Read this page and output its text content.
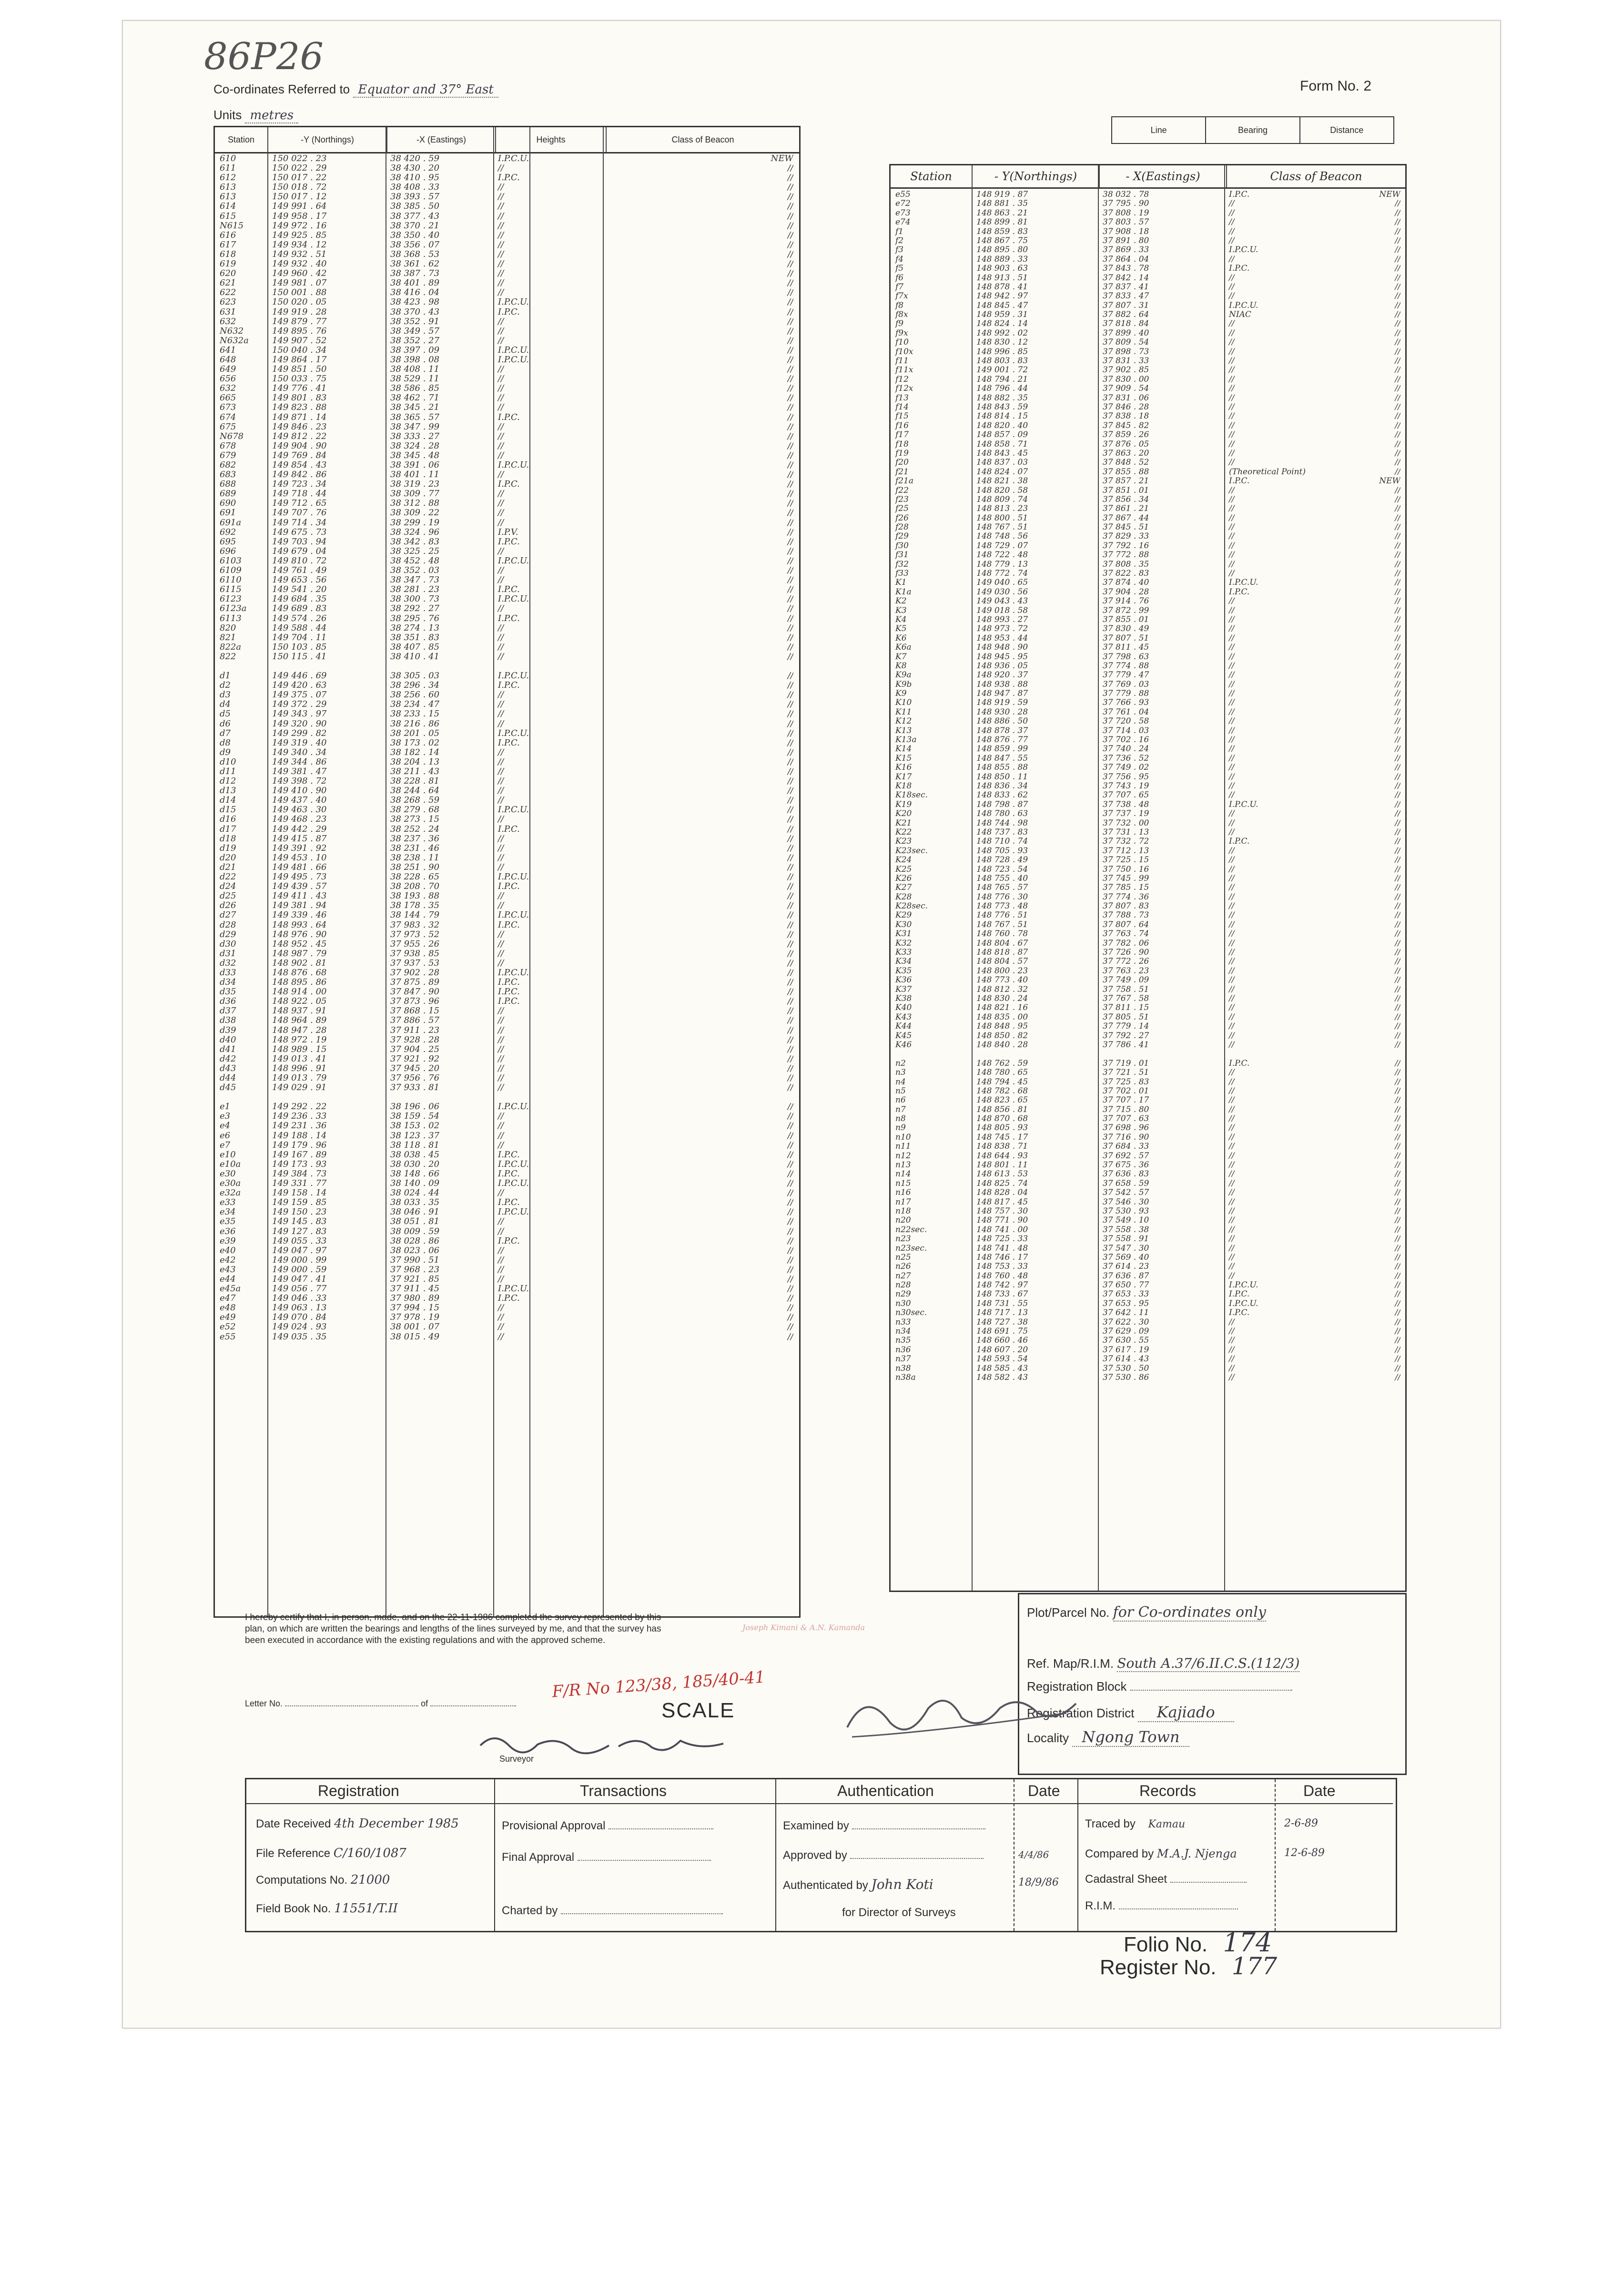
86P26
Co-ordinates Referred to Equator and 37° East
Units metres
Form No. 2
Station	-Y (Northings)	-X (Eastings)	Heights	Class of Beacon
610	150 022 . 23	38 420 . 59	I.P.C.U.	NEW
611	150 022 . 29	38 430 . 20	//	//
612	150 017 . 22	38 410 . 95	I.P.C.	//
613	150 018 . 72	38 408 . 33	//	//
613	150 017 . 12	38 393 . 57	//	//
614	149 991 . 64	38 385 . 50	//	//
615	149 958 . 17	38 377 . 43	//	//
N615	149 972 . 16	38 370 . 21	//	//
616	149 925 . 85	38 350 . 40	//	//
617	149 934 . 12	38 356 . 07	//	//
618	149 932 . 51	38 368 . 53	//	//
619	149 932 . 40	38 361 . 62	//	//
620	149 960 . 42	38 387 . 73	//	//
621	149 981 . 07	38 401 . 89	//	//
622	150 001 . 88	38 416 . 04	//	//
623	150 020 . 05	38 423 . 98	I.P.C.U.	//
631	149 919 . 28	38 370 . 43	I.P.C.	//
632	149 879 . 77	38 352 . 91	//	//
N632	149 895 . 76	38 349 . 57	//	//
N632a	149 907 . 52	38 352 . 27	//	//
641	150 040 . 34	38 397 . 09	I.P.C.U.	//
648	149 864 . 17	38 398 . 08	I.P.C.U.	//
649	149 851 . 50	38 408 . 11	//	//
656	150 033 . 75	38 529 . 11	//	//
632	149 776 . 41	38 586 . 85	//	//
665	149 801 . 83	38 462 . 71	//	//
673	149 823 . 88	38 345 . 21	//	//
674	149 871 . 14	38 365 . 57	I.P.C.	//
675	149 846 . 23	38 347 . 99	//	//
N678	149 812 . 22	38 333 . 27	//	//
678	149 904 . 90	38 324 . 28	//	//
679	149 769 . 84	38 345 . 48	//	//
682	149 854 . 43	38 391 . 06	I.P.C.U.	//
683	149 842 . 86	38 401 . 11	//	//
688	149 723 . 34	38 319 . 23	I.P.C.	//
689	149 718 . 44	38 309 . 77	//	//
690	149 712 . 65	38 312 . 88	//	//
691	149 707 . 76	38 309 . 22	//	//
691a	149 714 . 34	38 299 . 19	//	//
692	149 675 . 73	38 324 . 96	I.P.V.	//
695	149 703 . 94	38 342 . 83	I.P.C.	//
696	149 679 . 04	38 325 . 25	//	//
6103	149 810 . 72	38 452 . 48	I.P.C.U.	//
6109	149 761 . 49	38 352 . 03	//	//
6110	149 653 . 56	38 347 . 73	//	//
6115	149 541 . 20	38 281 . 23	I.P.C.	//
6123	149 684 . 35	38 300 . 73	I.P.C.U.	//
6123a	149 689 . 83	38 292 . 27	//	//
6113	149 574 . 26	38 295 . 76	I.P.C.	//
820	149 588 . 44	38 274 . 13	//	//
821	149 704 . 11	38 351 . 83	//	//
822a	150 103 . 85	38 407 . 85	//	//
822	150 115 . 41	38 410 . 41	//	//
d1	149 446 . 69	38 305 . 03	I.P.C.U.	//
d2	149 420 . 63	38 296 . 34	I.P.C.	//
d3	149 375 . 07	38 256 . 60	//	//
d4	149 372 . 29	38 234 . 47	//	//
d5	149 343 . 97	38 233 . 15	//	//
d6	149 320 . 90	38 216 . 86	//	//
d7	149 299 . 82	38 201 . 05	I.P.C.U.	//
d8	149 319 . 40	38 173 . 02	I.P.C.	//
d9	149 340 . 34	38 182 . 14	//	//
d10	149 344 . 86	38 204 . 13	//	//
d11	149 381 . 47	38 211 . 43	//	//
d12	149 398 . 72	38 228 . 81	//	//
d13	149 410 . 90	38 244 . 64	//	//
d14	149 437 . 40	38 268 . 59	//	//
d15	149 463 . 30	38 279 . 68	I.P.C.U.	//
d16	149 468 . 23	38 273 . 15	//	//
d17	149 442 . 29	38 252 . 24	I.P.C.	//
d18	149 415 . 87	38 237 . 36	//	//
d19	149 391 . 92	38 231 . 46	//	//
d20	149 453 . 10	38 238 . 11	//	//
d21	149 481 . 66	38 251 . 90	//	//
d22	149 495 . 73	38 228 . 65	I.P.C.U.	//
d24	149 439 . 57	38 208 . 70	I.P.C.	//
d25	149 411 . 43	38 193 . 88	//	//
d26	149 381 . 94	38 178 . 35	//	//
d27	149 339 . 46	38 144 . 79	I.P.C.U.	//
d28	148 993 . 64	37 983 . 32	I.P.C.	//
d29	148 976 . 90	37 973 . 52	//	//
d30	148 952 . 45	37 955 . 26	//	//
d31	148 987 . 79	37 938 . 85	//	//
d32	148 902 . 81	37 937 . 53	//	//
d33	148 876 . 68	37 902 . 28	I.P.C.U.	//
d34	148 895 . 86	37 875 . 89	I.P.C.	//
d35	148 914 . 00	37 847 . 90	I.P.C.	//
d36	148 922 . 05	37 873 . 96	I.P.C.	//
d37	148 937 . 91	37 868 . 15	//	//
d38	148 964 . 89	37 886 . 57	//	//
d39	148 947 . 28	37 911 . 23	//	//
d40	148 972 . 19	37 928 . 28	//	//
d41	148 989 . 15	37 904 . 25	//	//
d42	149 013 . 41	37 921 . 92	//	//
d43	148 996 . 91	37 945 . 20	//	//
d44	149 013 . 79	37 956 . 76	//	//
d45	149 029 . 91	37 933 . 81	//	//
e1	149 292 . 22	38 196 . 06	I.P.C.U.	//
e3	149 236 . 33	38 159 . 54	//	//
e4	149 231 . 36	38 153 . 02	//	//
e6	149 188 . 14	38 123 . 37	//	//
e7	149 179 . 96	38 118 . 81	//	//
e10	149 167 . 89	38 038 . 45	I.P.C.	//
e10a	149 173 . 93	38 030 . 20	I.P.C.U.	//
e30	149 384 . 73	38 148 . 66	I.P.C.	//
e30a	149 331 . 77	38 140 . 09	I.P.C.U.	//
e32a	149 158 . 14	38 024 . 44	//	//
e33	149 159 . 85	38 033 . 35	I.P.C.	//
e34	149 150 . 23	38 046 . 91	I.P.C.U.	//
e35	149 145 . 83	38 051 . 81	//	//
e36	149 127 . 83	38 009 . 59	//	//
e39	149 055 . 33	38 028 . 86	I.P.C.	//
e40	149 047 . 97	38 023 . 06	//	//
e42	149 000 . 99	37 990 . 51	//	//
e43	149 000 . 59	37 968 . 23	//	//
e44	149 047 . 41	37 921 . 85	//	//
e45a	149 056 . 77	37 911 . 45	I.P.C.U.	//
e47	149 046 . 33	37 980 . 89	I.P.C.	//
e48	149 063 . 13	37 994 . 15	//	//
e49	149 070 . 84	37 978 . 19	//	//
e52	149 024 . 93	38 001 . 07	//	//
e55	149 035 . 35	38 015 . 49	//	//
Line	Bearing	Distance
Station	- Y(Northings)	- X(Eastings)	Class of Beacon
e55	148 919 . 87	38 032 . 78	I.P.C.	NEW
e72	148 881 . 35	37 795 . 90	//	//
e73	148 863 . 21	37 808 . 19	//	//
e74	148 899 . 81	37 803 . 57	//	//
f1	148 859 . 83	37 908 . 18	//	//
f2	148 867 . 75	37 891 . 80	//	//
f3	148 895 . 80	37 869 . 33	I.P.C.U.	//
f4	148 889 . 33	37 864 . 04	//	//
f5	148 903 . 63	37 843 . 78	I.P.C.	//
f6	148 913 . 51	37 842 . 14	//	//
f7	148 878 . 41	37 837 . 41	//	//
f7x	148 942 . 97	37 833 . 47	//	//
f8	148 845 . 47	37 807 . 31	I.P.C.U.	//
f8x	148 959 . 31	37 882 . 64	NIAC	//
f9	148 824 . 14	37 818 . 84	//	//
f9x	148 992 . 02	37 899 . 40	//	//
f10	148 830 . 12	37 809 . 54	//	//
f10x	148 996 . 85	37 898 . 73	//	//
f11	148 803 . 83	37 831 . 33	//	//
f11x	149 001 . 72	37 902 . 85	//	//
f12	148 794 . 21	37 830 . 00	//	//
f12x	148 796 . 44	37 909 . 54	//	//
f13	148 882 . 35	37 831 . 06	//	//
f14	148 843 . 59	37 846 . 28	//	//
f15	148 814 . 15	37 838 . 18	//	//
f16	148 820 . 40	37 845 . 82	//	//
f17	148 857 . 09	37 859 . 26	//	//
f18	148 858 . 71	37 876 . 05	//	//
f19	148 843 . 45	37 863 . 20	//	//
f20	148 837 . 03	37 848 . 52	//	//
f21	148 824 . 07	37 855 . 88	(Theoretical Point)	//
f21a	148 821 . 38	37 857 . 21	I.P.C.	NEW
f22	148 820 . 58	37 851 . 01	//	//
f23	148 809 . 74	37 856 . 34	//	//
f25	148 813 . 23	37 861 . 21	//	//
f26	148 800 . 51	37 867 . 44	//	//
f28	148 767 . 51	37 845 . 51	//	//
f29	148 748 . 56	37 829 . 33	//	//
f30	148 729 . 07	37 792 . 16	//	//
f31	148 722 . 48	37 772 . 88	//	//
f32	148 779 . 13	37 808 . 35	//	//
f33	148 772 . 74	37 822 . 83	//	//
K1	149 040 . 65	37 874 . 40	I.P.C.U.	//
K1a	149 030 . 56	37 904 . 28	I.P.C.	//
K2	149 043 . 43	37 914 . 76	//	//
K3	149 018 . 58	37 872 . 99	//	//
K4	148 993 . 27	37 855 . 01	//	//
K5	148 973 . 72	37 830 . 49	//	//
K6	148 953 . 44	37 807 . 51	//	//
K6a	148 948 . 90	37 811 . 45	//	//
K7	148 945 . 95	37 798 . 63	//	//
K8	148 936 . 05	37 774 . 88	//	//
K9a	148 920 . 37	37 779 . 47	//	//
K9b	148 938 . 88	37 769 . 03	//	//
K9	148 947 . 87	37 779 . 88	//	//
K10	148 919 . 59	37 766 . 93	//	//
K11	148 930 . 28	37 761 . 04	//	//
K12	148 886 . 50	37 720 . 58	//	//
K13	148 878 . 37	37 714 . 03	//	//
K13a	148 876 . 77	37 702 . 16	//	//
K14	148 859 . 99	37 740 . 24	//	//
K15	148 847 . 55	37 736 . 52	//	//
K16	148 855 . 88	37 749 . 02	//	//
K17	148 850 . 11	37 756 . 95	//	//
K18	148 836 . 34	37 743 . 19	//	//
K18sec.	148 833 . 62	37 707 . 65	//	//
K19	148 798 . 87	37 738 . 48	I.P.C.U.	//
K20	148 780 . 63	37 737 . 19	//	//
K21	148 744 . 98	37 732 . 00	//	//
K22	148 737 . 83	37 731 . 13	//	//
K23	148 710 . 74	37 732 . 72	I.P.C.	//
K23sec.	148 705 . 93	37 712 . 13	//	//
K24	148 728 . 49	37 725 . 15	//	//
K25	148 723 . 54	37 750 . 16	//	//
K26	148 755 . 40	37 745 . 99	//	//
K27	148 765 . 57	37 785 . 15	//	//
K28	148 776 . 30	37 774 . 36	//	//
K28sec.	148 773 . 48	37 807 . 83	//	//
K29	148 776 . 51	37 788 . 73	//	//
K30	148 767 . 51	37 807 . 64	//	//
K31	148 760 . 78	37 763 . 74	//	//
K32	148 804 . 67	37 782 . 06	//	//
K33	148 818 . 87	37 726 . 90	//	//
K34	148 804 . 57	37 772 . 26	//	//
K35	148 800 . 23	37 763 . 23	//	//
K36	148 773 . 40	37 749 . 09	//	//
K37	148 812 . 32	37 758 . 51	//	//
K38	148 830 . 24	37 767 . 58	//	//
K40	148 821 . 16	37 811 . 15	//	//
K43	148 835 . 00	37 805 . 51	//	//
K44	148 848 . 95	37 779 . 14	//	//
K45	148 850 . 82	37 792 . 27	//	//
K46	148 840 . 28	37 786 . 41	//	//
n2	148 762 . 59	37 719 . 01	I.P.C.	//
n3	148 780 . 65	37 721 . 51	//	//
n4	148 794 . 45	37 725 . 83	//	//
n5	148 782 . 68	37 702 . 01	//	//
n6	148 823 . 65	37 707 . 17	//	//
n7	148 856 . 81	37 715 . 80	//	//
n8	148 870 . 68	37 707 . 63	//	//
n9	148 805 . 93	37 698 . 96	//	//
n10	148 745 . 17	37 716 . 90	//	//
n11	148 838 . 71	37 684 . 33	//	//
n12	148 644 . 93	37 692 . 57	//	//
n13	148 801 . 11	37 675 . 36	//	//
n14	148 613 . 53	37 636 . 83	//	//
n15	148 825 . 74	37 658 . 59	//	//
n16	148 828 . 04	37 542 . 57	//	//
n17	148 817 . 45	37 546 . 30	//	//
n18	148 757 . 30	37 530 . 93	//	//
n20	148 771 . 90	37 549 . 10	//	//
n22sec.	148 741 . 00	37 558 . 38	//	//
n23	148 725 . 33	37 558 . 91	//	//
n23sec.	148 741 . 48	37 547 . 30	//	//
n25	148 746 . 17	37 569 . 40	//	//
n26	148 753 . 33	37 614 . 23	//	//
n27	148 760 . 48	37 636 . 87	//	//
n28	148 742 . 97	37 650 . 77	I.P.C.U.	//
n29	148 733 . 67	37 653 . 33	I.P.C.	//
n30	148 731 . 55	37 653 . 95	I.P.C.U.	//
n30sec.	148 717 . 13	37 642 . 11	I.P.C.	//
n33	148 727 . 38	37 622 . 30	//	//
n34	148 691 . 75	37 629 . 09	//	//
n35	148 660 . 46	37 630 . 55	//	//
n36	148 607 . 20	37 617 . 19	//	//
n37	148 593 . 54	37 614 . 43	//	//
n38	148 585 . 43	37 530 . 50	//	//
n38a	148 582 . 43	37 530 . 86	//	//
Plot/Parcel No. for Co-ordinates only
Ref. Map/R.I.M. South A.37/6.II.C.S.(112/3)
Registration Block
Registration District Kajiado
Locality Ngong Town
I hereby certify that I, in person, made, and on the 22-11-1986 completed the survey represented by this plan, on which are written the bearings and lengths of the lines surveyed by me, and that the survey has been executed in accordance with the existing regulations and with the approved scheme.
Letter No.	of
F/R No 123/38, 185/40-41
Joseph Kimani & A.N. Kamanda
SCALE
Surveyor
Registration
Date Received 4th December 1985
File Reference C/160/1087
Computations No. 21000
Field Book No. 11551/T.II
Transactions
Provisional Approval
Final Approval
Charted by
Authentication
Examined by
Approved by
Authenticated by John Koti
for Director of Surveys
Date
4/4/86
18/9/86
Records
Traced by Kamau
Compared by M.A.J. Njenga
Cadastral Sheet
R.I.M.
Date
2-6-89
12-6-89
Folio No. 174
Register No. 177
